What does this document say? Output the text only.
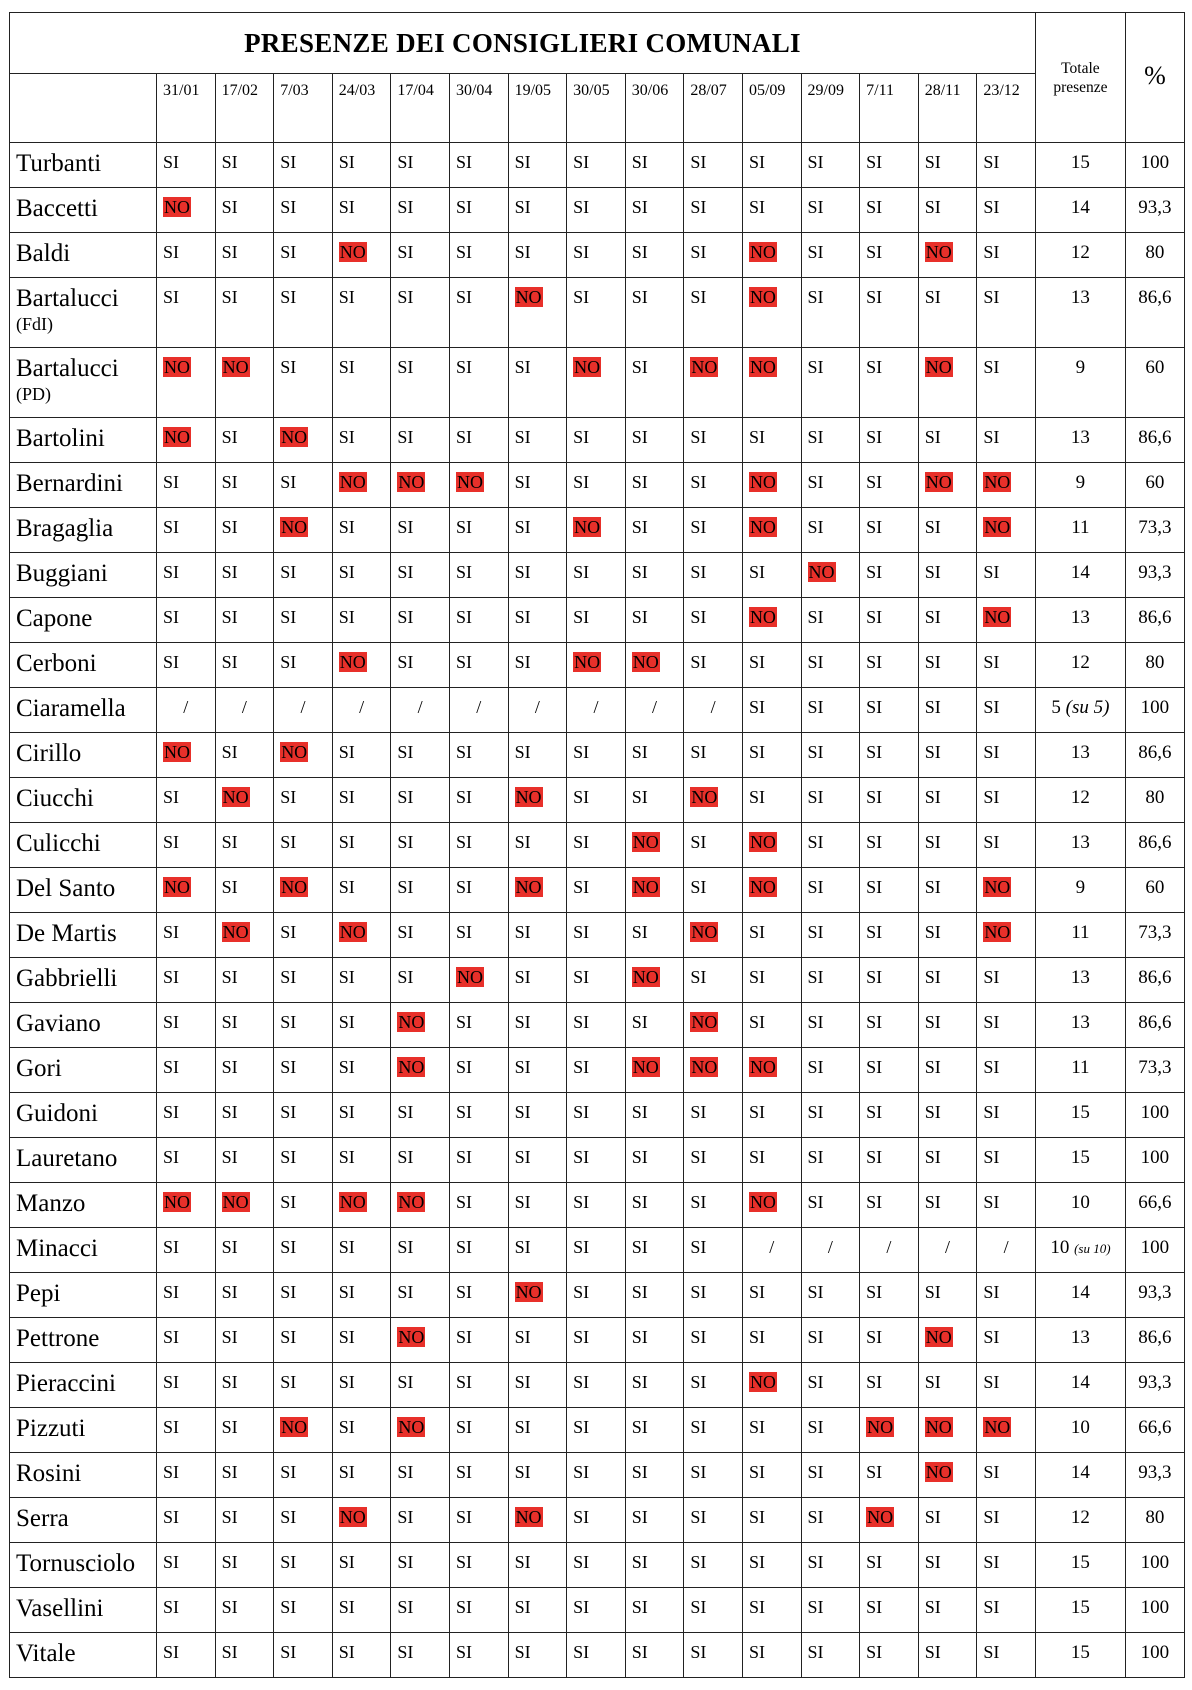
PRESENZE DEI CONSIGLIERI COMUNALI																Totale presenze	%
	31/01	17/02	7/03	24/03	17/04	30/04	19/05	30/05	30/06	28/07	05/09	29/09	7/11	28/11	23/12		
Turbanti	SI	SI	SI	SI	SI	SI	SI	SI	SI	SI	SI	SI	SI	SI	SI	15	100
Baccetti	NO	SI	SI	SI	SI	SI	SI	SI	SI	SI	SI	SI	SI	SI	SI	14	93,3
Baldi	SI	SI	SI	NO	SI	SI	SI	SI	SI	SI	NO	SI	SI	NO	SI	12	80
Bartalucci
(FdI)	SI	SI	SI	SI	SI	SI	NO	SI	SI	SI	NO	SI	SI	SI	SI	13	86,6
Bartalucci
(PD)	NO	NO	SI	SI	SI	SI	SI	NO	SI	NO	NO	SI	SI	NO	SI	9	60
Bartolini	NO	SI	NO	SI	SI	SI	SI	SI	SI	SI	SI	SI	SI	SI	SI	13	86,6
Bernardini	SI	SI	SI	NO	NO	NO	SI	SI	SI	SI	NO	SI	SI	NO	NO	9	60
Bragaglia	SI	SI	NO	SI	SI	SI	SI	NO	SI	SI	NO	SI	SI	SI	NO	11	73,3
Buggiani	SI	SI	SI	SI	SI	SI	SI	SI	SI	SI	SI	NO	SI	SI	SI	14	93,3
Capone	SI	SI	SI	SI	SI	SI	SI	SI	SI	SI	NO	SI	SI	SI	NO	13	86,6
Cerboni	SI	SI	SI	NO	SI	SI	SI	NO	NO	SI	SI	SI	SI	SI	SI	12	80
Ciaramella	/	/	/	/	/	/	/	/	/	/	SI	SI	SI	SI	SI	5 (su 5)	100
Cirillo	NO	SI	NO	SI	SI	SI	SI	SI	SI	SI	SI	SI	SI	SI	SI	13	86,6
Ciucchi	SI	NO	SI	SI	SI	SI	NO	SI	SI	NO	SI	SI	SI	SI	SI	12	80
Culicchi	SI	SI	SI	SI	SI	SI	SI	SI	NO	SI	NO	SI	SI	SI	SI	13	86,6
Del Santo	NO	SI	NO	SI	SI	SI	NO	SI	NO	SI	NO	SI	SI	SI	NO	9	60
De Martis	SI	NO	SI	NO	SI	SI	SI	SI	SI	NO	SI	SI	SI	SI	NO	11	73,3
Gabbrielli	SI	SI	SI	SI	SI	NO	SI	SI	NO	SI	SI	SI	SI	SI	SI	13	86,6
Gaviano	SI	SI	SI	SI	NO	SI	SI	SI	SI	NO	SI	SI	SI	SI	SI	13	86,6
Gori	SI	SI	SI	SI	NO	SI	SI	SI	NO	NO	NO	SI	SI	SI	SI	11	73,3
Guidoni	SI	SI	SI	SI	SI	SI	SI	SI	SI	SI	SI	SI	SI	SI	SI	15	100
Lauretano	SI	SI	SI	SI	SI	SI	SI	SI	SI	SI	SI	SI	SI	SI	SI	15	100
Manzo	NO	NO	SI	NO	NO	SI	SI	SI	SI	SI	NO	SI	SI	SI	SI	10	66,6
Minacci	SI	SI	SI	SI	SI	SI	SI	SI	SI	SI	/	/	/	/	/	10 (su 10)	100
Pepi	SI	SI	SI	SI	SI	SI	NO	SI	SI	SI	SI	SI	SI	SI	SI	14	93,3
Pettrone	SI	SI	SI	SI	NO	SI	SI	SI	SI	SI	SI	SI	SI	NO	SI	13	86,6
Pieraccini	SI	SI	SI	SI	SI	SI	SI	SI	SI	SI	NO	SI	SI	SI	SI	14	93,3
Pizzuti	SI	SI	NO	SI	NO	SI	SI	SI	SI	SI	SI	SI	NO	NO	NO	10	66,6
Rosini	SI	SI	SI	SI	SI	SI	SI	SI	SI	SI	SI	SI	SI	NO	SI	14	93,3
Serra	SI	SI	SI	NO	SI	SI	NO	SI	SI	SI	SI	SI	NO	SI	SI	12	80
Tornusciolo	SI	SI	SI	SI	SI	SI	SI	SI	SI	SI	SI	SI	SI	SI	SI	15	100
Vasellini	SI	SI	SI	SI	SI	SI	SI	SI	SI	SI	SI	SI	SI	SI	SI	15	100
Vitale	SI	SI	SI	SI	SI	SI	SI	SI	SI	SI	SI	SI	SI	SI	SI	15	100
